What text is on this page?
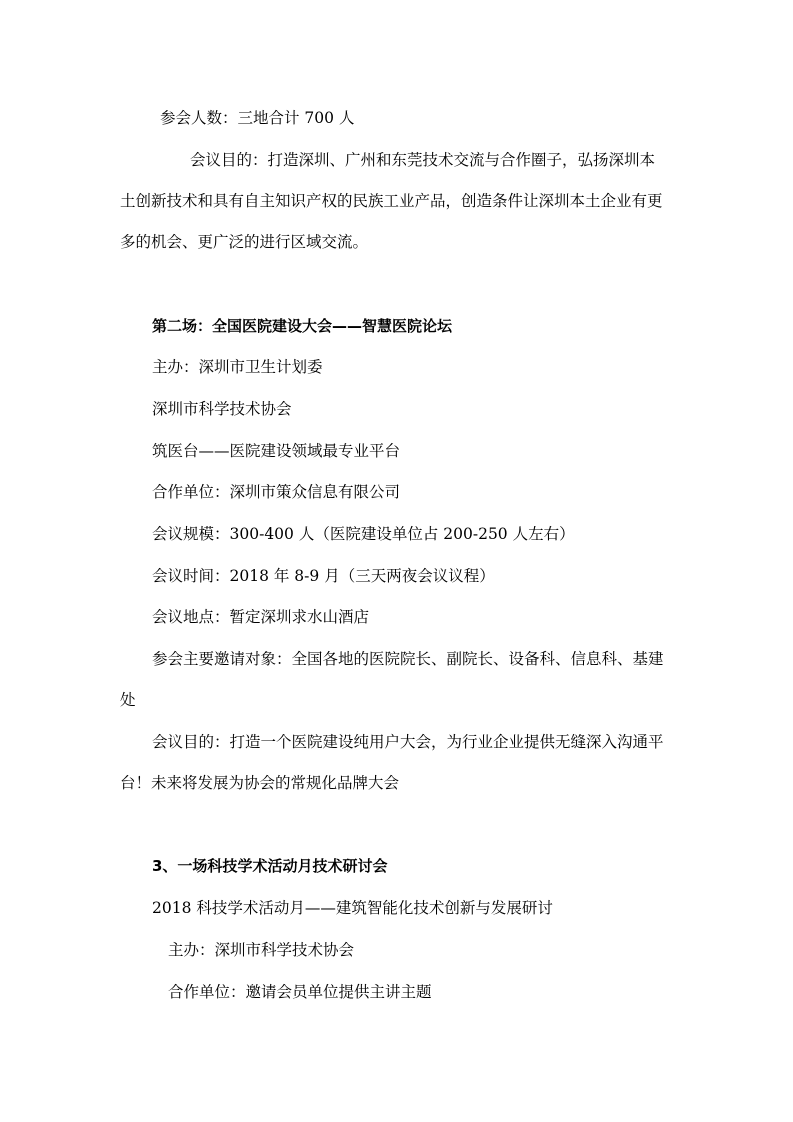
参会人数：三地合计 700 人

会议目的：打造深圳、广州和东莞技术交流与合作圈子，弘扬深圳本

土创新技术和具有自主知识产权的民族工业产品，创造条件让深圳本土企业有更

多的机会、更广泛的进行区域交流。

第二场：全国医院建设大会——智慧医院论坛

主办：深圳市卫生计划委

深圳市科学技术协会

筑医台——医院建设领域最专业平台

合作单位：深圳市策众信息有限公司

会议规模：300-400 人（医院建设单位占 200-250 人左右）

会议时间：2018 年 8-9 月（三天两夜会议议程）

会议地点：暂定深圳求水山酒店

参会主要邀请对象：全国各地的医院院长、副院长、设备科、信息科、基建

处

会议目的：打造一个医院建设纯用户大会，为行业企业提供无缝深入沟通平

台！未来将发展为协会的常规化品牌大会

3、一场科技学术活动月技术研讨会

2018 科技学术活动月——建筑智能化技术创新与发展研讨

主办：深圳市科学技术协会

合作单位：邀请会员单位提供主讲主题
